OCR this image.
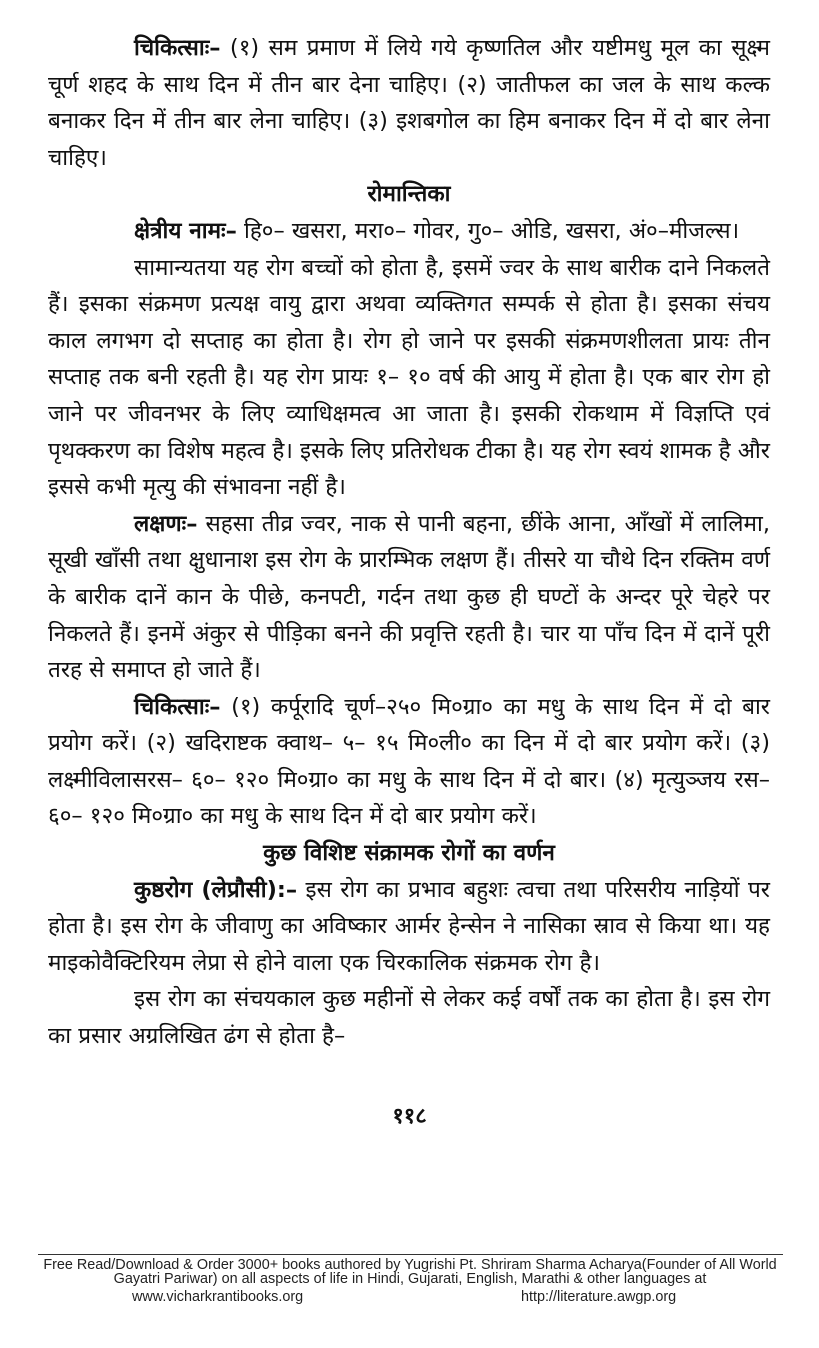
चिकित्साः– (१) सम प्रमाण में लिये गये कृष्णतिल और यष्टीमधु मूल का सूक्ष्म चूर्ण शहद के साथ दिन में तीन बार देना चाहिए। (२) जातीफल का जल के साथ कल्क बनाकर दिन में तीन बार लेना चाहिए। (३) इशबगोल का हिम बनाकर दिन में दो बार लेना चाहिए।

रोमान्तिका

क्षेत्रीय नामः– हि०– खसरा, मरा०– गोवर, गु०– ओडि, खसरा, अं०–मीजल्स।

सामान्यतया यह रोग बच्चों को होता है, इसमें ज्वर के साथ बारीक दाने निकलते हैं। इसका संक्रमण प्रत्यक्ष वायु द्वारा अथवा व्यक्तिगत सम्पर्क से होता है। इसका संचय काल लगभग दो सप्ताह का होता है। रोग हो जाने पर इसकी संक्रमणशीलता प्रायः तीन सप्ताह तक बनी रहती है। यह रोग प्रायः १– १० वर्ष की आयु में होता है। एक बार रोग हो जाने पर जीवनभर के लिए व्याधिक्षमत्व आ जाता है। इसकी रोकथाम में विज्ञप्ति एवं पृथक्करण का विशेष महत्व है। इसके लिए प्रतिरोधक टीका है। यह रोग स्वयं शामक है और इससे कभी मृत्यु की संभावना नहीं है।

लक्षणः– सहसा तीव्र ज्वर, नाक से पानी बहना, छींके आना, आँखों में लालिमा, सूखी खाँसी तथा क्षुधानाश इस रोग के प्रारम्भिक लक्षण हैं। तीसरे या चौथे दिन रक्तिम वर्ण के बारीक दानें कान के पीछे, कनपटी, गर्दन तथा कुछ ही घण्टों के अन्दर पूरे चेहरे पर निकलते हैं। इनमें अंकुर से पीड़िका बनने की प्रवृत्ति रहती है। चार या पाँच दिन में दानें पूरी तरह से समाप्त हो जाते हैं।

चिकित्साः– (१) कर्पूरादि चूर्ण–२५० मि०ग्रा० का मधु के साथ दिन में दो बार प्रयोग करें। (२) खदिराष्टक क्वाथ– ५– १५ मि०ली० का दिन में दो बार प्रयोग करें। (३) लक्ष्मीविलासरस– ६०– १२० मि०ग्रा० का मधु के साथ दिन में दो बार। (४) मृत्युञ्जय रस– ६०– १२० मि०ग्रा० का मधु के साथ दिन में दो बार प्रयोग करें।

कुछ विशिष्ट संक्रामक रोगों का वर्णन

कुष्ठरोग (लेप्रौसी):– इस रोग का प्रभाव बहुशः त्वचा तथा परिसरीय नाड़ियों पर होता है। इस रोग के जीवाणु का अविष्कार आर्मर हेन्सेन ने नासिका स्राव से किया था। यह माइकोवैक्टिरियम लेप्रा से होने वाला एक चिरकालिक संक्रमक रोग है।

इस रोग का संचयकाल कुछ महीनों से लेकर कई वर्षों तक का होता है। इस रोग का प्रसार अग्रलिखित ढंग से होता है–

११८
Free Read/Download & Order 3000+ books authored by Yugrishi Pt. Shriram Sharma Acharya(Founder of All World Gayatri Pariwar) on all aspects of life in Hindi, Gujarati, English, Marathi & other languages at
www.vicharkrantibooks.org	http://literature.awgp.org
